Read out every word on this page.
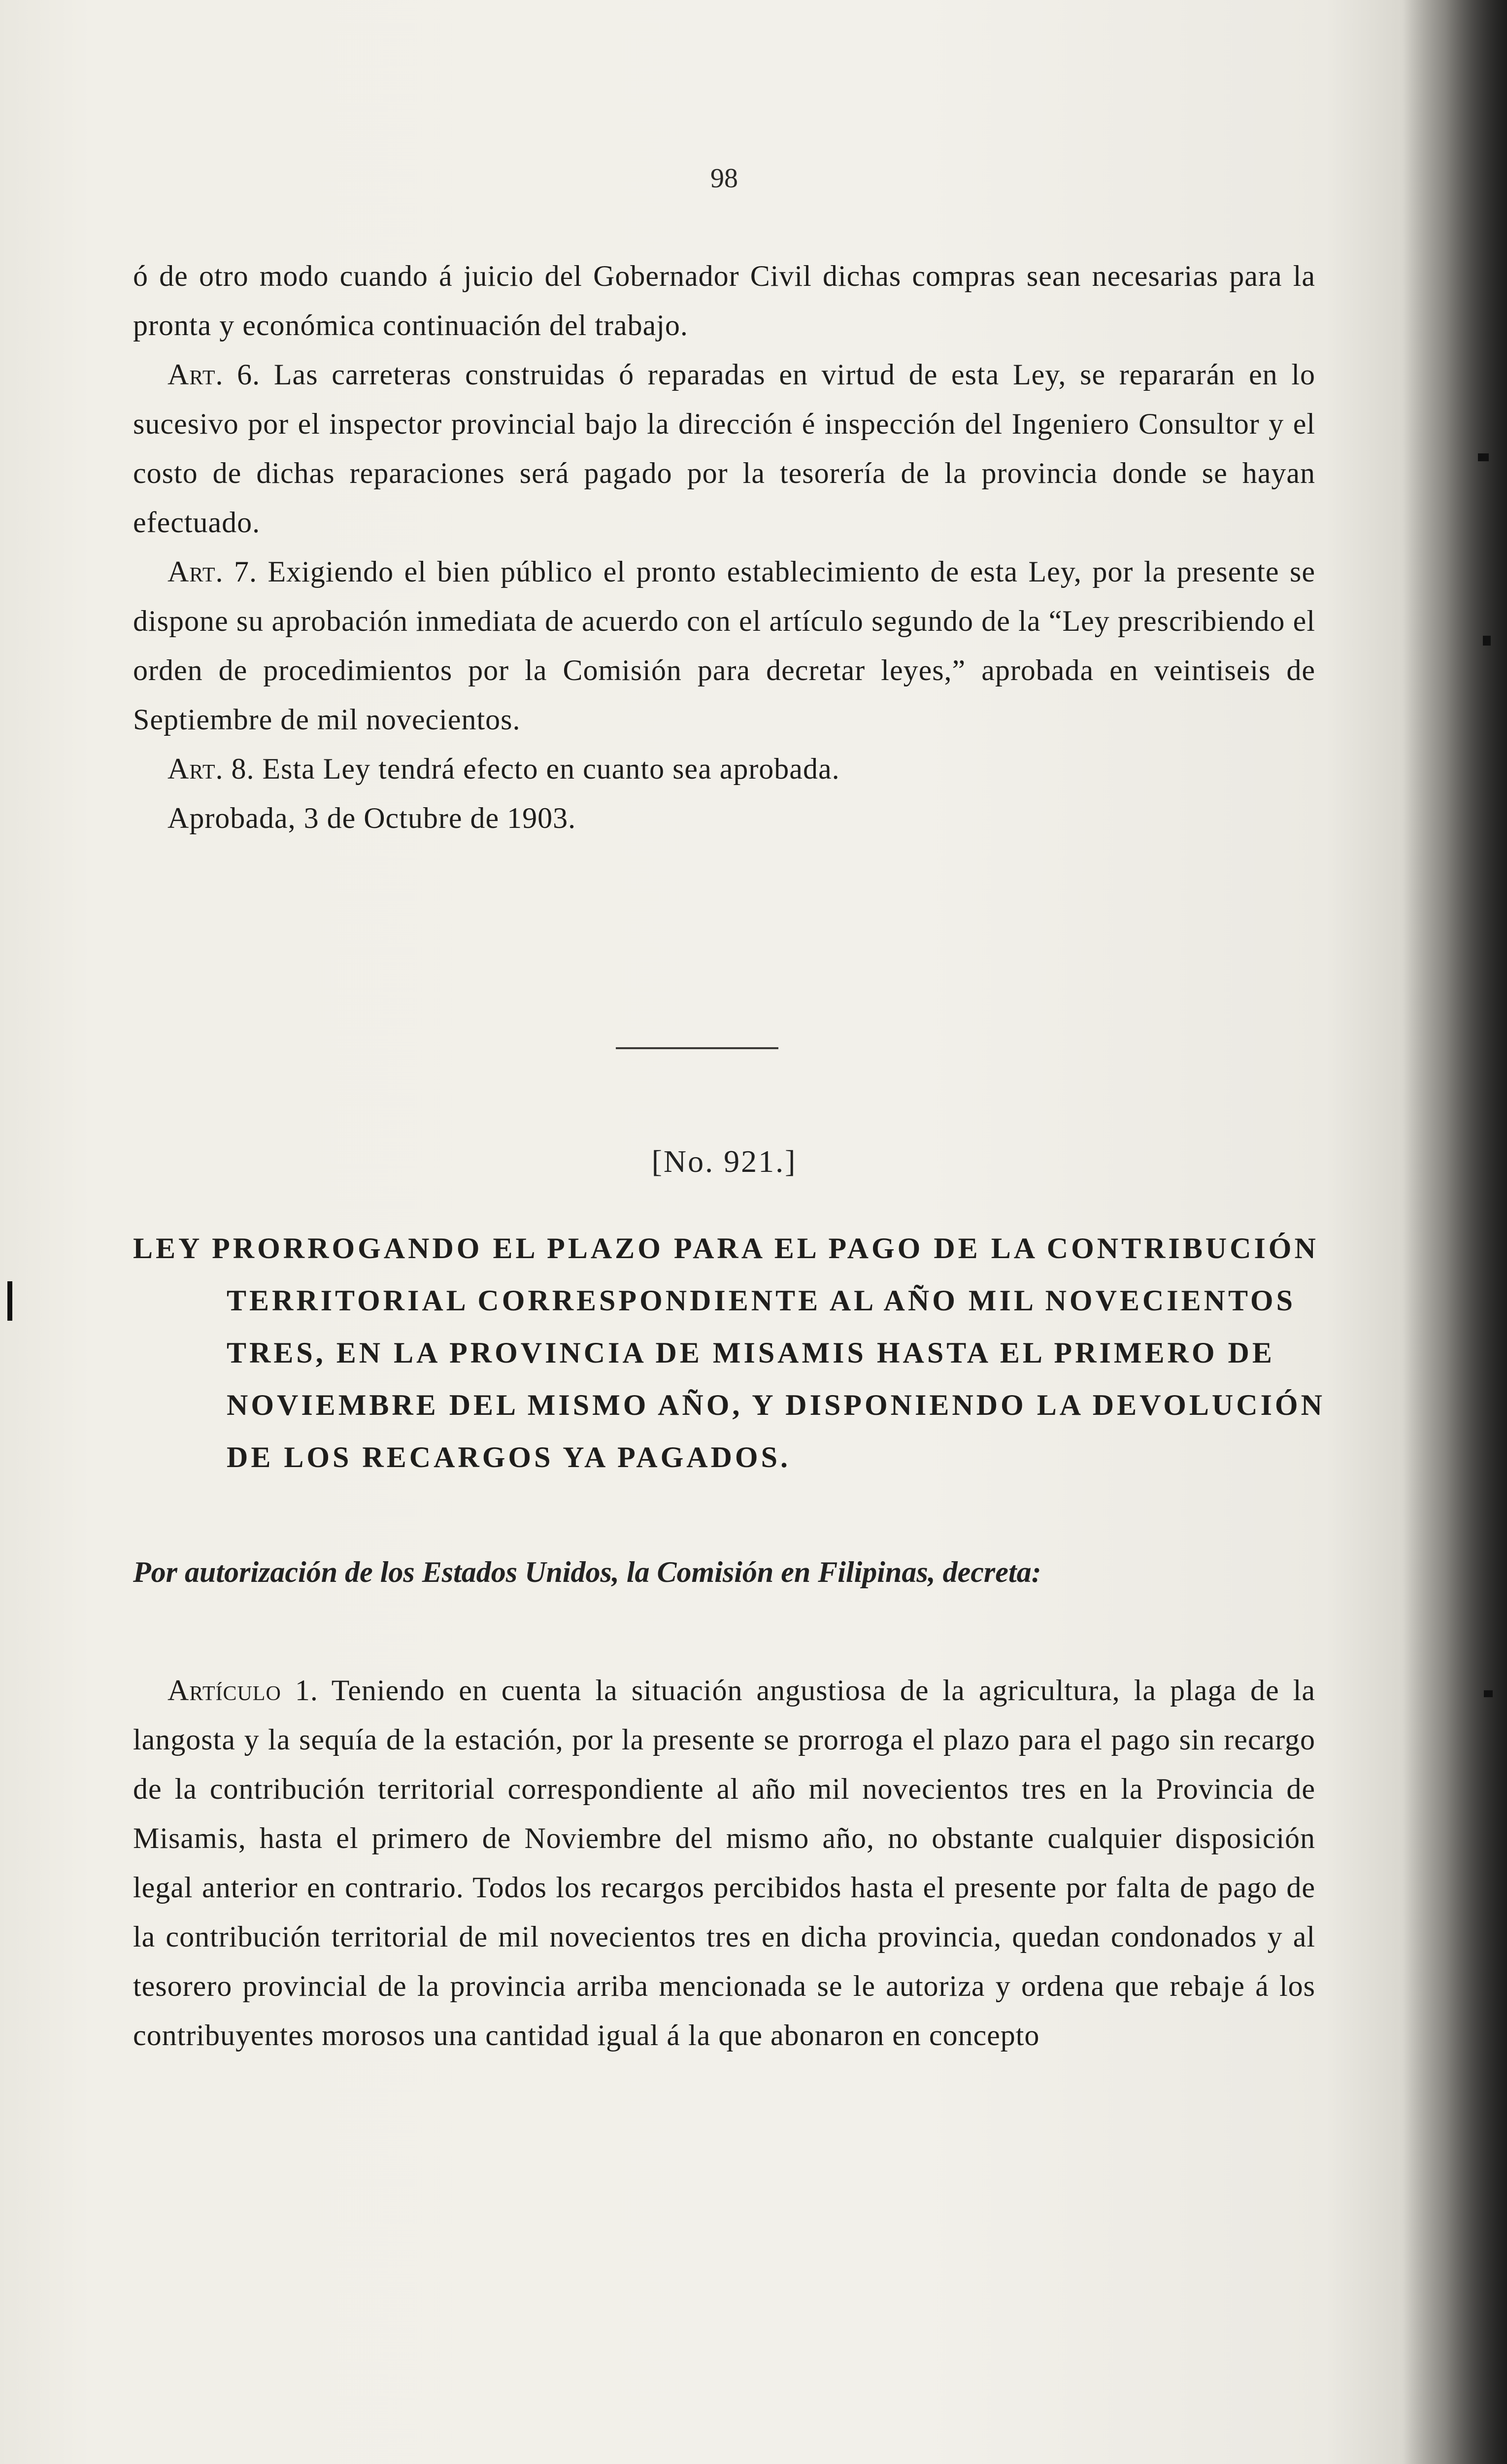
98

ó de otro modo cuando á juicio del Gobernador Civil dichas compras sean necesarias para la pronta y económica continuación del trabajo.

Art. 6. Las carreteras construidas ó reparadas en virtud de esta Ley, se repararán en lo sucesivo por el inspector provincial bajo la dirección é inspección del Ingeniero Consultor y el costo de dichas reparaciones será pagado por la tesorería de la provincia donde se hayan efectuado.

Art. 7. Exigiendo el bien público el pronto establecimiento de esta Ley, por la presente se dispone su aprobación inmediata de acuerdo con el artículo segundo de la “Ley prescribiendo el orden de procedimientos por la Comisión para decretar leyes,” aprobada en veintiseis de Septiembre de mil novecientos.

Art. 8. Esta Ley tendrá efecto en cuanto sea aprobada.

Aprobada, 3 de Octubre de 1903.

[No. 921.]
LEY PRORROGANDO EL PLAZO PARA EL PAGO DE LA CONTRIBUCIÓN TERRITORIAL CORRESPONDIENTE AL AÑO MIL NOVECIENTOS TRES, EN LA PROVINCIA DE MISAMIS HASTA EL PRIMERO DE NOVIEMBRE DEL MISMO AÑO, Y DISPONIENDO LA DEVOLUCIÓN DE LOS RECARGOS YA PAGADOS.
Por autorización de los Estados Unidos, la Comisión en Filipinas, decreta:

Artículo 1. Teniendo en cuenta la situación angustiosa de la agricultura, la plaga de la langosta y la sequía de la estación, por la presente se prorroga el plazo para el pago sin recargo de la contribución territorial correspondiente al año mil novecientos tres en la Provincia de Misamis, hasta el primero de Noviembre del mismo año, no obstante cualquier disposición legal anterior en contrario. Todos los recargos percibidos hasta el presente por falta de pago de la contribución territorial de mil novecientos tres en dicha provincia, quedan condonados y al tesorero provincial de la provincia arriba mencionada se le autoriza y ordena que rebaje á los contribuyentes morosos una cantidad igual á la que abonaron en concepto
